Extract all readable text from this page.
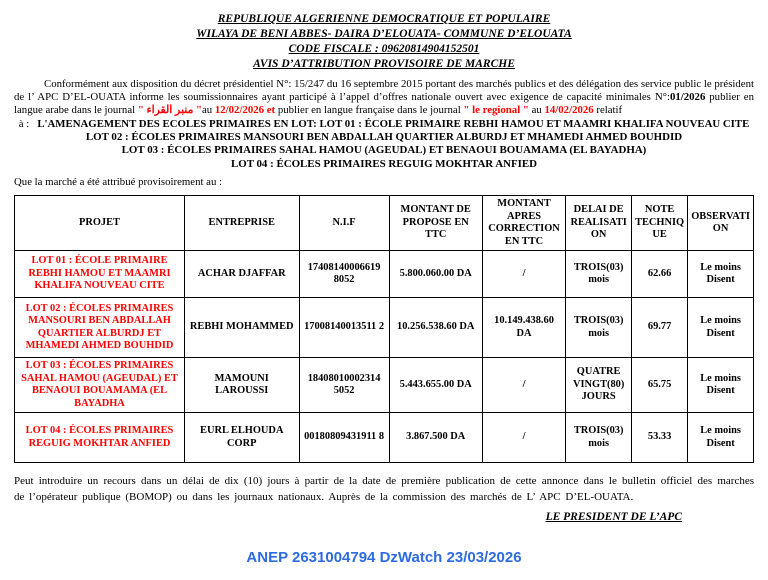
REPUBLIQUE ALGERIENNE DEMOCRATIQUE ET POPULAIRE
WILAYA DE BENI ABBES- DAIRA D’ELOUATA- COMMUNE D’ELOUATA
CODE FISCALE : 09620814904152501
AVIS D’ATTRIBUTION PROVISOIRE DE MARCHE
Conformément aux disposition du décret présidentiel N°: 15/247 du 16 septembre 2015 portant des marchés publics et des délégation des service public le président de l’ APC D’EL-OUATA informe les soumissionnaires ayant participé à l’appel d’offres nationale ouvert avec exigence de capacité minimales N°:01/2026 publier en langue arabe dans le journal " منبر القراء "au 12/02/2026 et publier en langue française dans le journal " le regional " au 14/02/2026 relatif
à : L'AMENAGEMENT DES ECOLES PRIMAIRES EN LOT: LOT 01 : ÉCOLE PRIMAIRE REBHI HAMOU ET MAAMRI KHALIFA NOUVEAU CITE
LOT 02 : ÉCOLES PRIMAIRES MANSOURI BEN ABDALLAH QUARTIER ALBURDJ ET MHAMEDI AHMED BOUHDID
LOT 03 : ÉCOLES PRIMAIRES SAHAL HAMOU (AGEUDAL) ET BENAOUI BOUAMAMA (EL BAYADHA)
LOT 04 : ÉCOLES PRIMAIRES REGUIG MOKHTAR ANFIED
Que la marché a été attribué provisoirement au :
PROJET	ENTREPRISE	N.I.F	MONTANT DE PROPOSE EN TTC	MONTANT APRES CORRECTION EN TTC	DELAI DE REALISATION	NOTE TECHNIQUE	OBSERVATION
LOT 01 : ÉCOLE PRIMAIRE REBHI HAMOU ET MAAMRI KHALIFA NOUVEAU CITE	ACHAR DJAFFAR	17408140006619 8052	5.800.060.00 DA	/	TROIS(03) mois	62.66	Le moins Disent
LOT 02 : ÉCOLES PRIMAIRES MANSOURI BEN ABDALLAH QUARTIER ALBURDJ ET MHAMEDI AHMED BOUHDID	REBHI MOHAMMED	17008140013511 2	10.256.538.60 DA	10.149.438.60 DA	TROIS(03) mois	69.77	Le moins Disent
LOT 03 : ÉCOLES PRIMAIRES SAHAL HAMOU (AGEUDAL) ET BENAOUI BOUAMAMA (EL BAYADHA	MAMOUNI LAROUSSI	18408010002314 5052	5.443.655.00 DA	/	QUATRE VINGT(80) JOURS	65.75	Le moins Disent
LOT 04 : ÉCOLES PRIMAIRES REGUIG MOKHTAR ANFIED	EURL ELHOUDA CORP	00180809431911 8	3.867.500 DA	/	TROIS(03) mois	53.33	Le moins Disent
Peut introduire un recours dans un délai de dix (10) jours à partir de la date de première publication de cette annonce dans le bulletin officiel des marches de l’opérateur publique (BOMOP) ou dans les journaux nationaux. Auprès de la commission des marchés de L’ APC D’EL-OUATA.
LE PRESIDENT DE L’APC
ANEP 2631004794 DzWatch 23/03/2026
